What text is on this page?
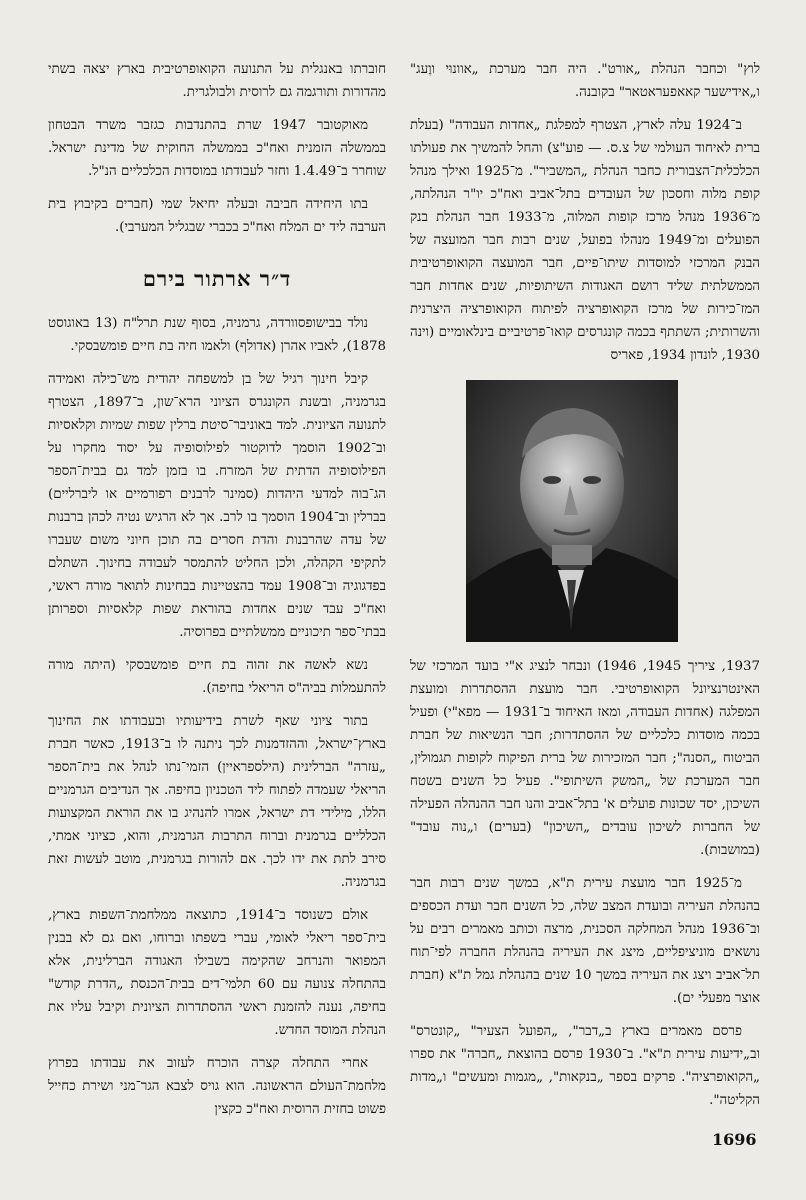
לוץ" וכחבר הנהלת „אורט". היה חבר מערכת „אוונוּי ווֶעג" ו„אידישער קאאפעראטאר" בקובנה.

ב־1924 עלה לארץ, הצטרף למפלגת „אחדות העבודה" (בעלת ברית לאיחוד העולמי של צ.ס. — פוע"צ) והחל להמשיך את פעולתו הכלכלית־הצבורית כחבר הנהלת „המשביר". מ־1925 ואילך מנהל קופת מלוה וחסכון של העובדים בתל־אביב ואח"כ יו"ר הנהלתה, מ־1936 מנהל מרכז קופות המלוה, מ־1933 חבר הנהלת בנק הפועלים ומ־1949 מנהלו בפועל, שנים רבות חבר המועצה של הבנק המרכזי למוסדות שיתו־פיים, חבר המועצה הקואופרטיבית הממשלתית שליד רושם האגודות השיתופיות, שנים אחדות חבר המז־כירות של מרכז הקואופרציה לפיתוח הקואופרציה היצרנית והשרותית; השתתף בכמה קונגרסים קואו־פרטיביים בינלאומיים (וינה 1930, לונדון 1934, פאריס

1937, ציריך 1945, 1946) ונבחר לנציג א"י בועד המרכזי של האינטרנציונל הקואופרטיבי. חבר מועצת ההסתדרות ומועצת המפלגה (אחדות העבודה, ומאז האיחוד ב־1931 — מפא"י) ופעיל בכמה מוסדות כלכליים של ההסתדרות; חבר הנשיאות של חברת הביטוח „הסנה"; חבר המזכירות של ברית הפיקוח לקופות תגמולין, חבר המערכת של „המשק השיתופי". פעיל כל השנים בשטח השיכון, יסד שכונות פועלים א' בתל־אביב והנו חבר ההנהלה הפעילה של החברות לשיכון עובדים „השיכון" (בערים) ו„נוה עובד" (במושבות).

מ־1925 חבר מועצת עירית ת"א, במשך שנים רבות חבר בהנהלת העיריה ובועדת המצב שלה, כל השנים חבר ועדת הכספים וב־1936 מנהל המחלקה הסכנית, מרצה וכותב מאמרים רבים על נושאים מוניציפליים, מיצג את העיריה בהנהלת החברה לפי־תוח תל־אביב ויצג את העיריה במשך 10 שנים בהנהלת גמל ת"א (חברת אוצר מפעלי ים).

פרסם מאמרים בארץ ב„דבר", „הפועל הצעיר" „קונטרס" וב„ידיעות עירית ת"א". ב־1930 פרסם בהוצאת „חברה" את ספרו „הקואופרציה". פרקים בספר „בנקאות", „מגמות ומעשים" ו„מדות הקליטה".

חוברתו באנגלית על התנועה הקואופרטיבית בארץ יצאה בשתי מהדורות ותורגמה גם לרוסית ולבולגרית.

מאוקטובר 1947 שרת בהתנדבות כגזבר משרד הבטחון בממשלה הזמנית ואח"כ בממשלה החוקית של מדינת ישראל. שוחרר ב־1.4.49 וחזר לעבודתו במוסדות הכלכליים הנ"ל.

בתו היחידה חביבה ובעלה יחיאל שמי (חברים בקיבוץ בית הערבה ליד ים המלח ואח"כ בכברי שבגליל המערבי).

ד״ר ארתור בירם

נולד בבישופסוורדה, גרמניה, בסוף שנת תרל"ח (13 באוגוסט 1878), לאביו אהרן (אדולף) ולאמו חיה בת חיים פומשבסקי.

קיבל חינוך רגיל של בן למשפחה יהודית מש־כילה ואמידה בגרמניה, ובשנת הקונגרס הציוני הרא־שון, ב־1897, הצטרף לתנועה הציונית. למד באוניבר־סיטת ברלין שפות שמיות וקלאסיות וב־1902 הוסמך לדוקטור לפילוסופיה על יסוד מחקרו על הפילוסופיה הדתית של המזרח. בו בזמן למד גם בבית־הספר הג־בוה למדעי היהדות (סמינר לרבנים רפורמיים או ליברליים) בברלין וב־1904 הוסמך בו לרב. אך לא הרגיש נטיה לכהן ברבנות של עדה שהרבנות והדת חסרים בה תוכן חיוני משום שעברו לתקיפי הקהלה, ולכן החליט להתמסר לעבודה בחינוך. השתלם בפדגוגיה וב־1908 עמד בהצטיינות בבחינות לתואר מורה ראשי, ואח"כ עבד שנים אחדות בהוראת שפות קלאסיות וספרותן בבתי־ספר תיכוניים ממשלתיים בפרוסיה.

נשא לאשה את זהוה בת חיים פומשבסקי (היתה מורה להתעמלות בביה"ס הריאלי בחיפה).

בתור ציוני שאף לשרת בידיעותיו ובעבודתו את החינוך בארץ־ישראל, וההזדמנות לכך ניתנה לו ב־1913, כאשר חברת „עזרה" הברלינית (הילספראיין) הזמי־נתו לנהל את בית־הספר הריאלי שעמדה לפתוח ליד הטכניון בחיפה. אך הנדיבים הגרמניים הללו, מילידי דת ישראל, אמרו להנהיג בו את הוראת המקצועות הכלליים בגרמנית וברוח התרבות הגרמנית, והוא, כציוני אמתי, סירב לתת את ידו לכך. אם להורות בגרמנית, מוטב לעשות זאת בגרמניה.

אולם כשנוסד ב־1914, כתוצאה ממלחמת־השפות בארץ, בית־ספר ריאלי לאומי, עברי בשפתו וברוחו, ואם גם לא בבנין המפואר והנרחב שהקימה בשבילו האגודה הברלינית, אלא בהתחלה צנועה עם 60 תלמי־דים בבית־הכנסת „הדרת קודש" בחיפה, נענה להזמנת ראשי ההסתדרות הציונית וקיבל עליו את הנהלת המוסד החדש.

אחרי התחלה קצרה הוכרח לעזוב את עבודתו בפרוץ מלחמת־העולם הראשונה. הוא גויס לצבא הגר־מני ושירת כחייל פשוט בחזית הרוסית ואח"כ כקצין

1696
